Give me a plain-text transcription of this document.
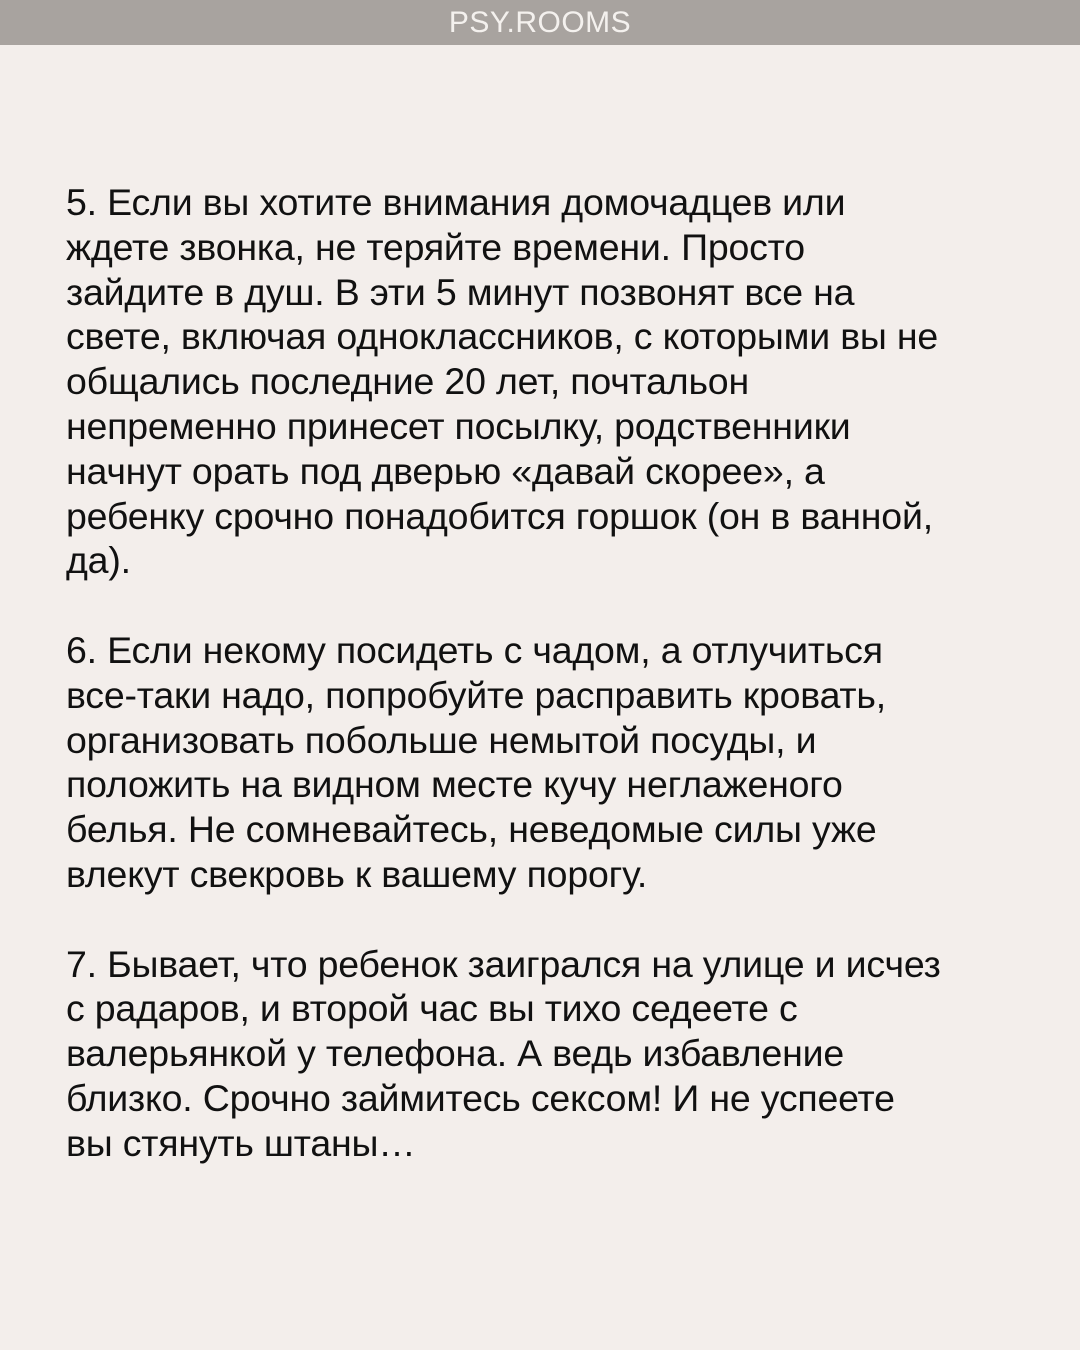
PSY.ROOMS

5. Если вы хотите внимания домочадцев или
ждете звонка, не теряйте времени. Просто
зайдите в душ. В эти 5 минут позвонят все на
свете, включая одноклассников, с которыми вы не
общались последние 20 лет, почтальон
непременно принесет посылку, родственники
начнут орать под дверью «давай скорее», а
ребенку срочно понадобится горшок (он в ванной,
да).

6. Если некому посидеть с чадом, а отлучиться
все-таки надо, попробуйте расправить кровать,
организовать побольше немытой посуды, и
положить на видном месте кучу неглаженого
белья. Не сомневайтесь, неведомые силы уже
влекут свекровь к вашему порогу.

7. Бывает, что ребенок заигрался на улице и исчез
с радаров, и второй час вы тихо седеете с
валерьянкой у телефона. А ведь избавление
близко. Срочно займитесь сексом! И не успеете
вы стянуть штаны…
